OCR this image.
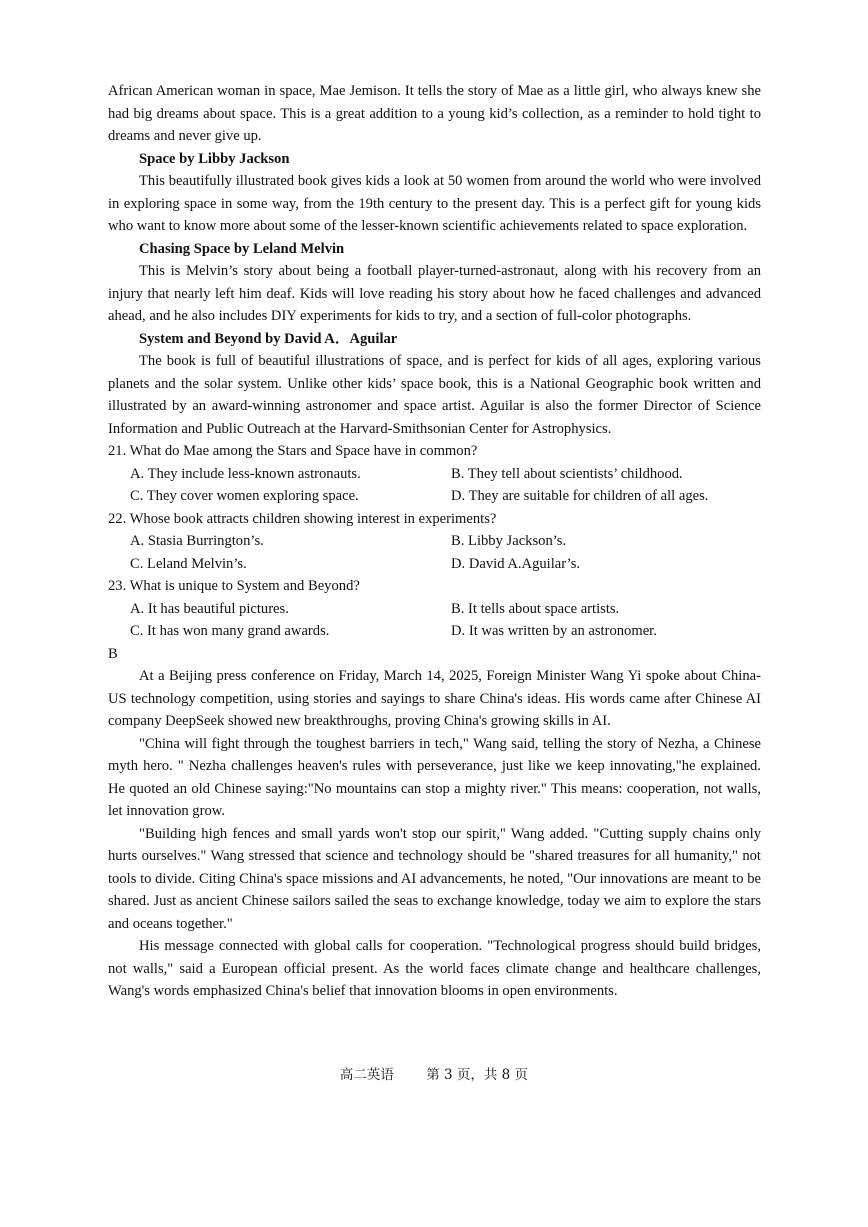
African American woman in space, Mae Jemison. It tells the story of Mae as a little girl, who always knew she had big dreams about space. This is a great addition to a young kid’s collection, as a reminder to hold tight to dreams and never give up.

Space by Libby Jackson

This beautifully illustrated book gives kids a look at 50 women from around the world who were involved in exploring space in some way, from the 19th century to the present day. This is a perfect gift for young kids who want to know more about some of the lesser-known scientific achievements related to space exploration.

Chasing Space by Leland Melvin

This is Melvin’s story about being a football player-turned-astronaut, along with his recovery from an injury that nearly left him deaf. Kids will love reading his story about how he faced challenges and advanced ahead, and he also includes DIY experiments for kids to try, and a section of full-color photographs.

System and Beyond by David A．Aguilar

The book is full of beautiful illustrations of space, and is perfect for kids of all ages, exploring various planets and the solar system. Unlike other kids’ space book, this is a National Geographic book written and illustrated by an award-winning astronomer and space artist. Aguilar is also the former Director of Science Information and Public Outreach at the Harvard-Smithsonian Center for Astrophysics.

21. What do Mae among the Stars and Space have in common?

A. They include less-known astronauts.	B. They tell about scientists’ childhood.
C. They cover women exploring space.	D. They are suitable for children of all ages.

22. Whose book attracts children showing interest in experiments?

A. Stasia Burrington’s.	B. Libby Jackson’s.
C. Leland Melvin’s.	D. David A.Aguilar’s.

23. What is unique to System and Beyond?

A. It has beautiful pictures.	B. It tells about space artists.
C. It has won many grand awards.	D. It was written by an astronomer.

B

At a Beijing press conference on Friday, March 14, 2025, Foreign Minister Wang Yi spoke about China-US technology competition, using stories and sayings to share China's ideas. His words came after Chinese AI company DeepSeek showed new breakthroughs, proving China's growing skills in AI.

"China will fight through the toughest barriers in tech," Wang said, telling the story of Nezha, a Chinese myth hero. " Nezha challenges heaven's rules with perseverance, just like we keep innovating,"he explained. He quoted an old Chinese saying:"No mountains can stop a mighty river." This means: cooperation, not walls, let innovation grow.

"Building high fences and small yards won't stop our spirit," Wang added. "Cutting supply chains only hurts ourselves." Wang stressed that science and technology should be "shared treasures for all humanity," not tools to divide. Citing China's space missions and AI advancements, he noted, "Our innovations are meant to be shared. Just as ancient Chinese sailors sailed the seas to exchange knowledge, today we aim to explore the stars and oceans together."

His message connected with global calls for cooperation. "Technological progress should build bridges, not walls," said a European official present. As the world faces climate change and healthcare challenges, Wang's words emphasized China's belief that innovation blooms in open environments.

高二英语 第 3 页，共 8 页
